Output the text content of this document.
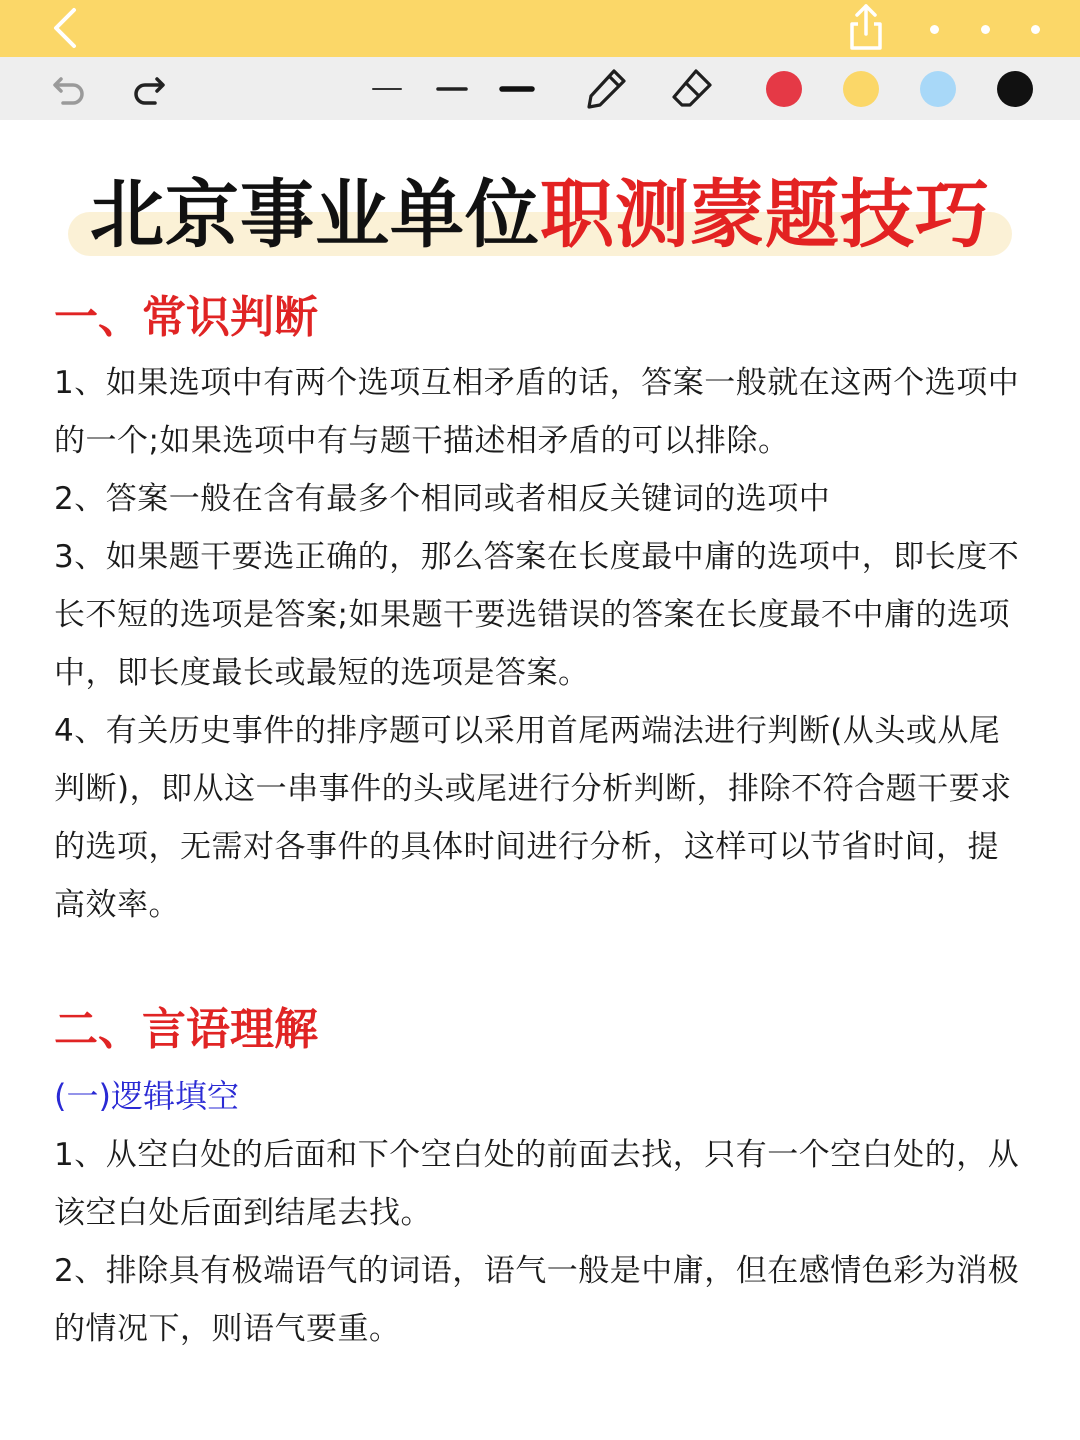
北京事业单位职测蒙题技巧
一、常识判断

1、如果选项中有两个选项互相矛盾的话，答案一般就在这两个选项中的一个;如果选项中有与题干描述相矛盾的可以排除。

2、答案一般在含有最多个相同或者相反关键词的选项中

3、如果题干要选正确的，那么答案在长度最中庸的选项中，即长度不长不短的选项是答案;如果题干要选错误的答案在长度最不中庸的选项中，即长度最长或最短的选项是答案。

4、有关历史事件的排序题可以采用首尾两端法进行判断(从头或从尾判断)，即从这一串事件的头或尾进行分析判断，排除不符合题干要求的选项，无需对各事件的具体时间进行分析，这样可以节省时间，提高效率。

二、言语理解
(一)逻辑填空

1、从空白处的后面和下个空白处的前面去找，只有一个空白处的，从该空白处后面到结尾去找。

2、排除具有极端语气的词语，语气一般是中庸，但在感情色彩为消极的情况下，则语气要重。
